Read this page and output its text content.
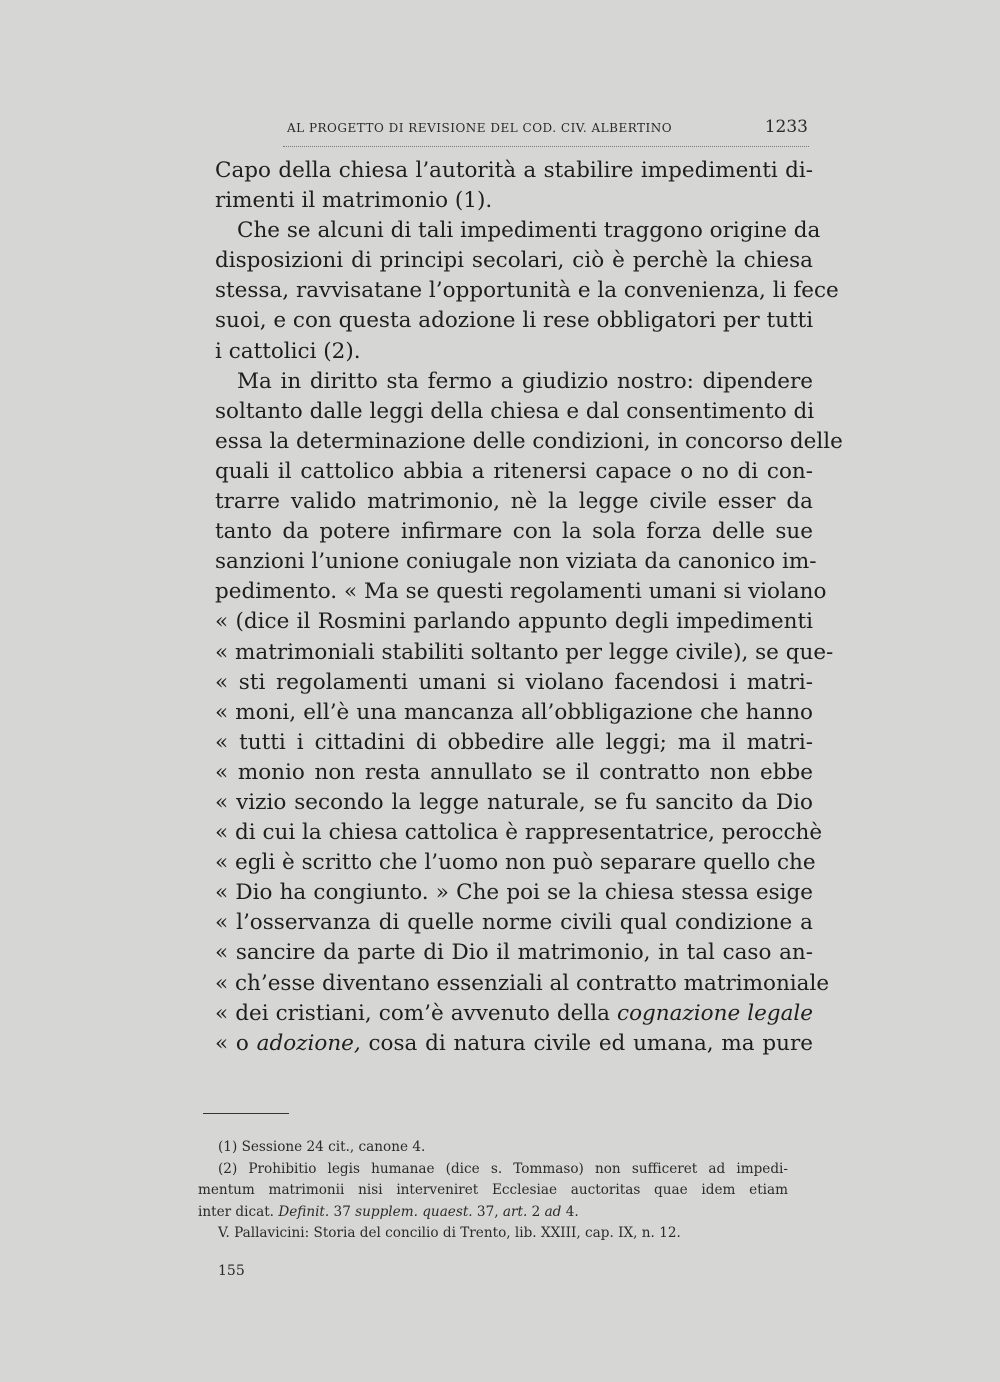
AL PROGETTO DI REVISIONE DEL COD. CIV. ALBERTINO	1233
Capo della chiesa l’autorità a stabilire impedimenti di-
rimenti il matrimonio (1).
Che se alcuni di tali impedimenti traggono origine da
disposizioni di principi secolari, ciò è perchè la chiesa
stessa, ravvisatane l’opportunità e la convenienza, li fece
suoi, e con questa adozione li rese obbligatori per tutti
i cattolici (2).
Ma in diritto sta fermo a giudizio nostro: dipendere
soltanto dalle leggi della chiesa e dal consentimento di
essa la determinazione delle condizioni, in concorso delle
quali il cattolico abbia a ritenersi capace o no di con-
trarre valido matrimonio, nè la legge civile esser da
tanto da potere infirmare con la sola forza delle sue
sanzioni l’unione coniugale non viziata da canonico im-
pedimento. « Ma se questi regolamenti umani si violano
« (dice il Rosmini parlando appunto degli impedimenti
« matrimoniali stabiliti soltanto per legge civile), se que-
« sti regolamenti umani si violano facendosi i matri-
« moni, ell’è una mancanza all’obbligazione che hanno
« tutti i cittadini di obbedire alle leggi; ma il matri-
« monio non resta annullato se il contratto non ebbe
« vizio secondo la legge naturale, se fu sancito da Dio
« di cui la chiesa cattolica è rappresentatrice, perocchè
« egli è scritto che l’uomo non può separare quello che
« Dio ha congiunto. » Che poi se la chiesa stessa esige
« l’osservanza di quelle norme civili qual condizione a
« sancire da parte di Dio il matrimonio, in tal caso an-
« ch’esse diventano essenziali al contratto matrimoniale
« dei cristiani, com’è avvenuto della cognazione legale
« o adozione, cosa di natura civile ed umana, ma pure
(1) Sessione 24 cit., canone 4.
(2) Prohibitio legis humanae (dice s. Tommaso) non sufficeret ad impedi-
mentum matrimonii nisi interveniret Ecclesiae auctoritas quae idem etiam
inter dicat. Definit. 37 supplem. quaest. 37, art. 2 ad 4.
V. Pallavicini: Storia del concilio di Trento, lib. XXIII, cap. IX, n. 12.
155
